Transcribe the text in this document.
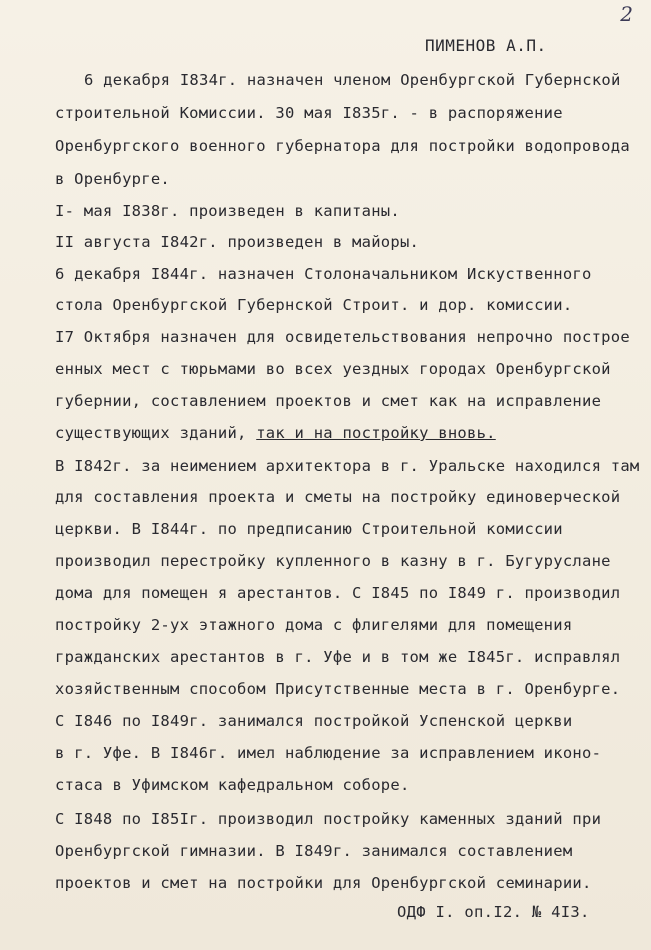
2
ПИМЕНОВ А.П.
6 декабря I834г. назначен членом Оренбургской Губернской
строительной Комиссии. 30 мая I835г. - в распоряжение
Оренбургского военного губернатора для постройки водопровода
в Оренбурге.
I- мая I838г. произведен в капитаны.
II августа I842г. произведен в майоры.
6 декабря I844г. назначен Столоначальником Искуственного
стола Оренбургской Губернской Строит. и дор. комиссии.
I7 Октября назначен для освидетельствования непрочно построе
енных мест с тюрьмами во всех уездных городах Оренбургской
губернии, составлением проектов и смет как на исправление
существующих зданий, так и на постройку вновь.
В I842г. за неимением архитектора в г. Уральске находился там
для составления проекта и сметы на постройку единоверческой
церкви. В I844г. по предписанию Строительной комиссии
производил перестройку купленного в казну в г. Бугуруслане
дома для помещен я арестантов. С I845 по I849 г. производил
постройку 2-ух этажного дома с флигелями для помещения
гражданских арестантов в г. Уфе и в том же I845г. исправлял
хозяйственным способом Присутственные места в г. Оренбурге.
С I846 по I849г. занимался постройкой Успенской церкви
в г. Уфе. В I846г. имел наблюдение за исправлением иконо-
стаса в Уфимском кафедральном соборе.
С I848 по I85Iг. производил постройку каменных зданий при
Оренбургской гимназии. В I849г. занимался составлением
проектов и смет на постройки для Оренбургской семинарии.
ОДФ I. оп.I2. № 4I3.
